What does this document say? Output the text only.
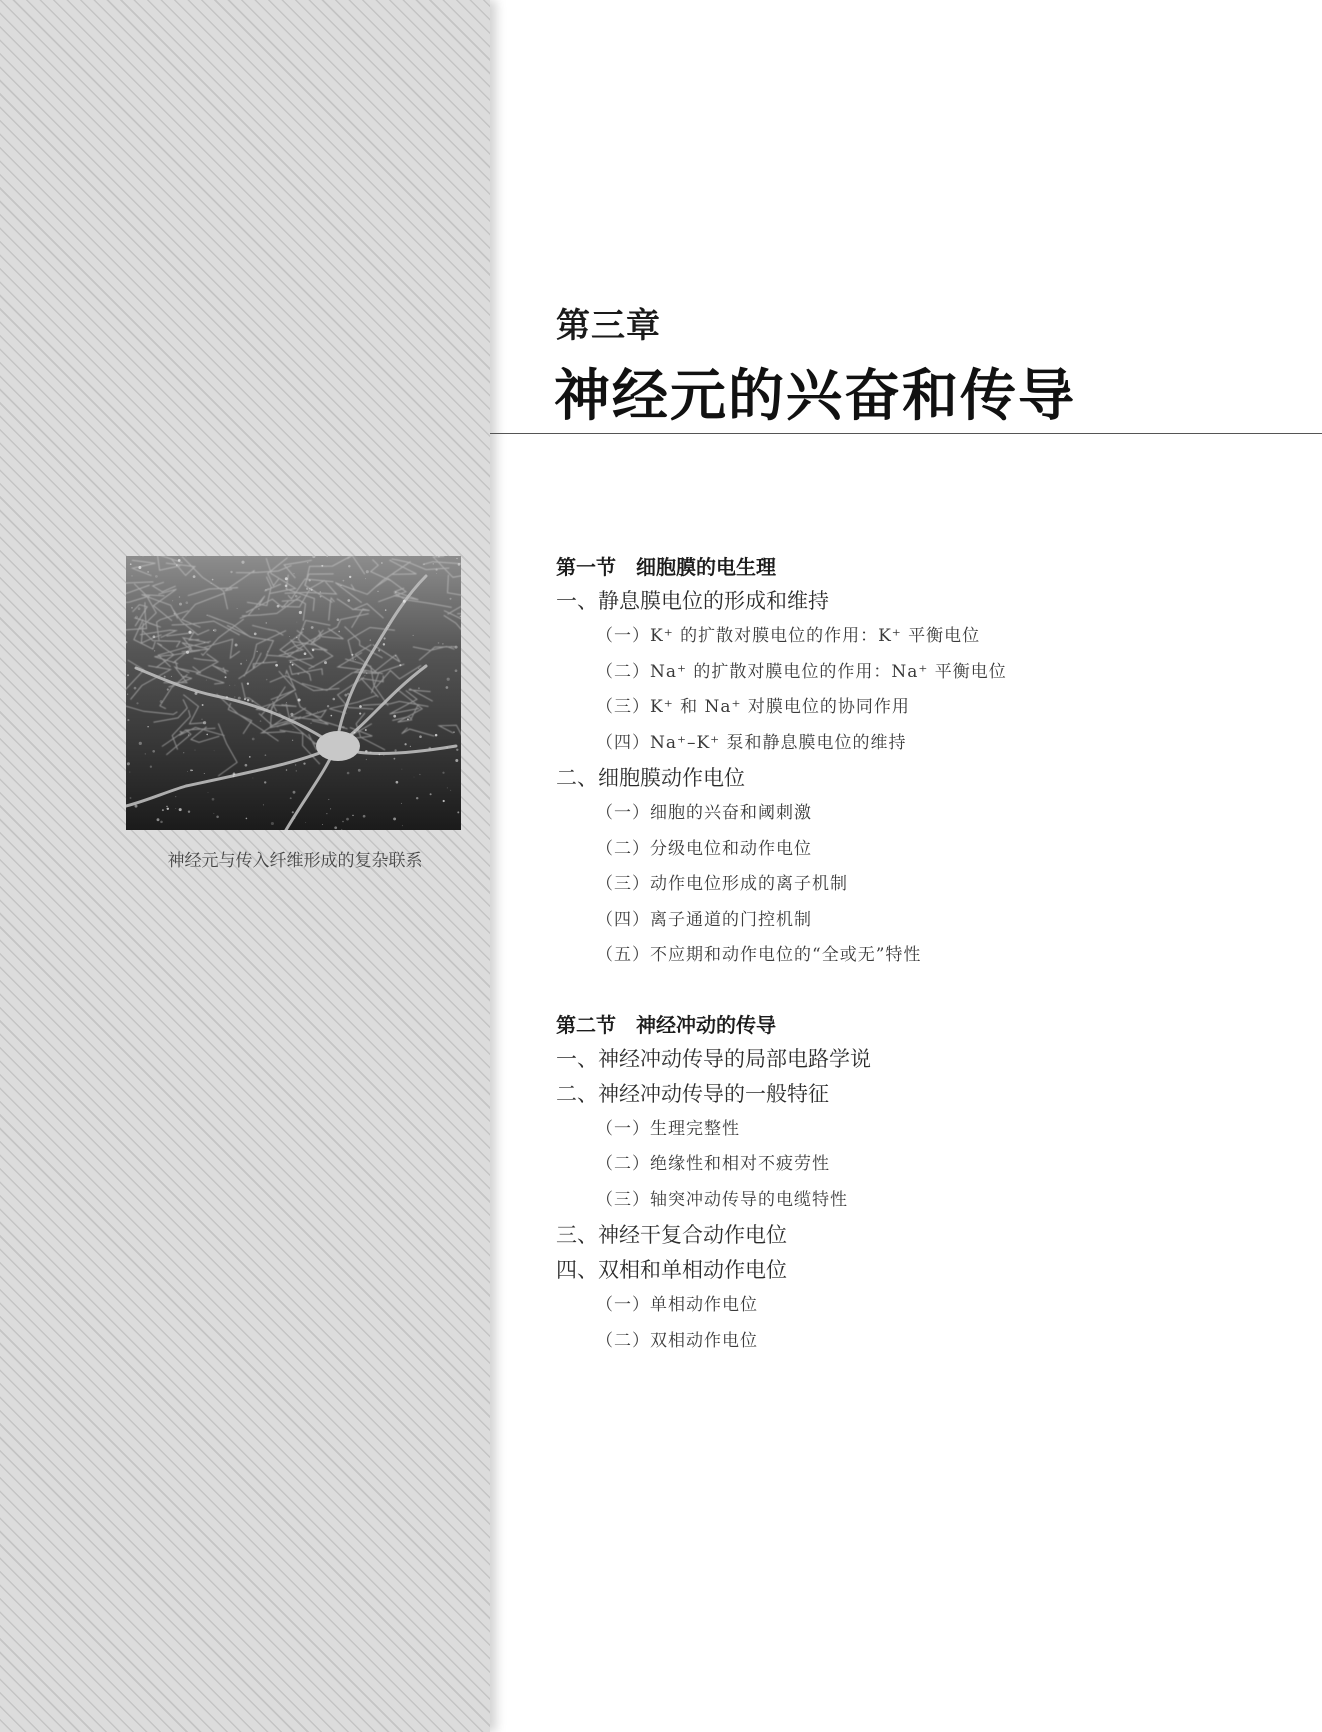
神经元与传入纤维形成的复杂联系
第三章
神经元的兴奋和传导
第一节　细胞膜的电生理
一、静息膜电位的形成和维持
（一）K⁺ 的扩散对膜电位的作用：K⁺ 平衡电位
（二）Na⁺ 的扩散对膜电位的作用：Na⁺ 平衡电位
（三）K⁺ 和 Na⁺ 对膜电位的协同作用
（四）Na⁺–K⁺ 泵和静息膜电位的维持
二、细胞膜动作电位
（一）细胞的兴奋和阈刺激
（二）分级电位和动作电位
（三）动作电位形成的离子机制
（四）离子通道的门控机制
（五）不应期和动作电位的“全或无”特性
第二节　神经冲动的传导
一、神经冲动传导的局部电路学说
二、神经冲动传导的一般特征
（一）生理完整性
（二）绝缘性和相对不疲劳性
（三）轴突冲动传导的电缆特性
三、神经干复合动作电位
四、双相和单相动作电位
（一）单相动作电位
（二）双相动作电位
